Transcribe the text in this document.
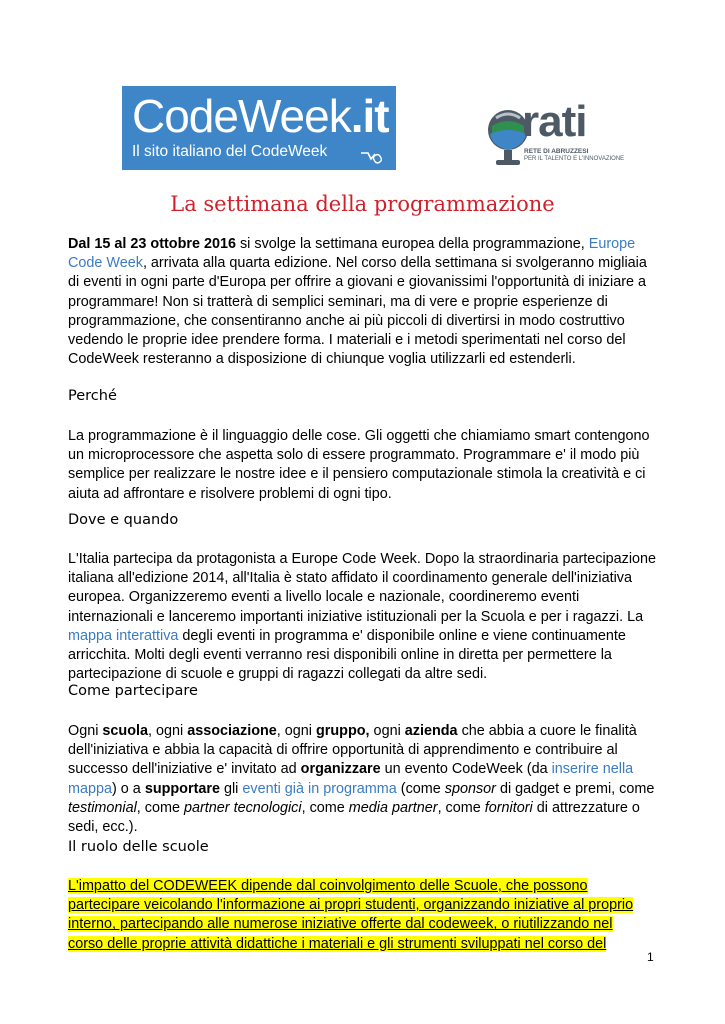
CodeWeek.it
Il sito italiano del CodeWeek
rati
RETE DI ABRUZZESI
PER IL TALENTO E L'INNOVAZIONE
La settimana della programmazione
Dal 15 al 23 ottobre 2016 si svolge la settimana europea della programmazione, Europe Code Week, arrivata alla quarta edizione. Nel corso della settimana si svolgeranno migliaia di eventi in ogni parte d'Europa per offrire a giovani e giovanissimi l'opportunità di iniziare a programmare! Non si tratterà di semplici seminari, ma di vere e proprie esperienze di programmazione, che consentiranno anche ai più piccoli di divertirsi in modo costruttivo vedendo le proprie idee prendere forma. I materiali e i metodi sperimentati nel corso del CodeWeek resteranno a disposizione di chiunque voglia utilizzarli ed estenderli.
Perché
La programmazione è il linguaggio delle cose. Gli oggetti che chiamiamo smart contengono un microprocessore che aspetta solo di essere programmato. Programmare e' il modo più semplice per realizzare le nostre idee e il pensiero computazionale stimola la creatività e ci aiuta ad affrontare e risolvere problemi di ogni tipo.
Dove e quando
L'Italia partecipa da protagonista a Europe Code Week. Dopo la straordinaria partecipazione italiana all'edizione 2014, all'Italia è stato affidato il coordinamento generale dell'iniziativa europea. Organizzeremo eventi a livello locale e nazionale, coordineremo eventi internazionali e lanceremo importanti iniziative istituzionali per la Scuola e per i ragazzi. La mappa interattiva degli eventi in programma e' disponibile online e viene continuamente arricchita. Molti degli eventi verranno resi disponibili online in diretta per permettere la partecipazione di scuole e gruppi di ragazzi collegati da altre sedi.
Come partecipare
Ogni scuola, ogni associazione, ogni gruppo, ogni azienda che abbia a cuore le finalità dell'iniziativa e abbia la capacità di offrire opportunità di apprendimento e contribuire al successo dell'iniziative e' invitato ad organizzare un evento CodeWeek (da inserire nella mappa) o a supportare gli eventi già in programma (come sponsor di gadget e premi, come testimonial, come partner tecnologici, come media partner, come fornitori di attrezzature o sedi, ecc.).
Il ruolo delle scuole
L'impatto del CODEWEEK dipende dal coinvolgimento delle Scuole, che possono
partecipare veicolando l'informazione ai propri studenti, organizzando iniziative al proprio
interno, partecipando alle numerose iniziative offerte dal codeweek, o riutilizzando nel
corso delle proprie attività didattiche i materiali e gli strumenti sviluppati nel corso del
1
